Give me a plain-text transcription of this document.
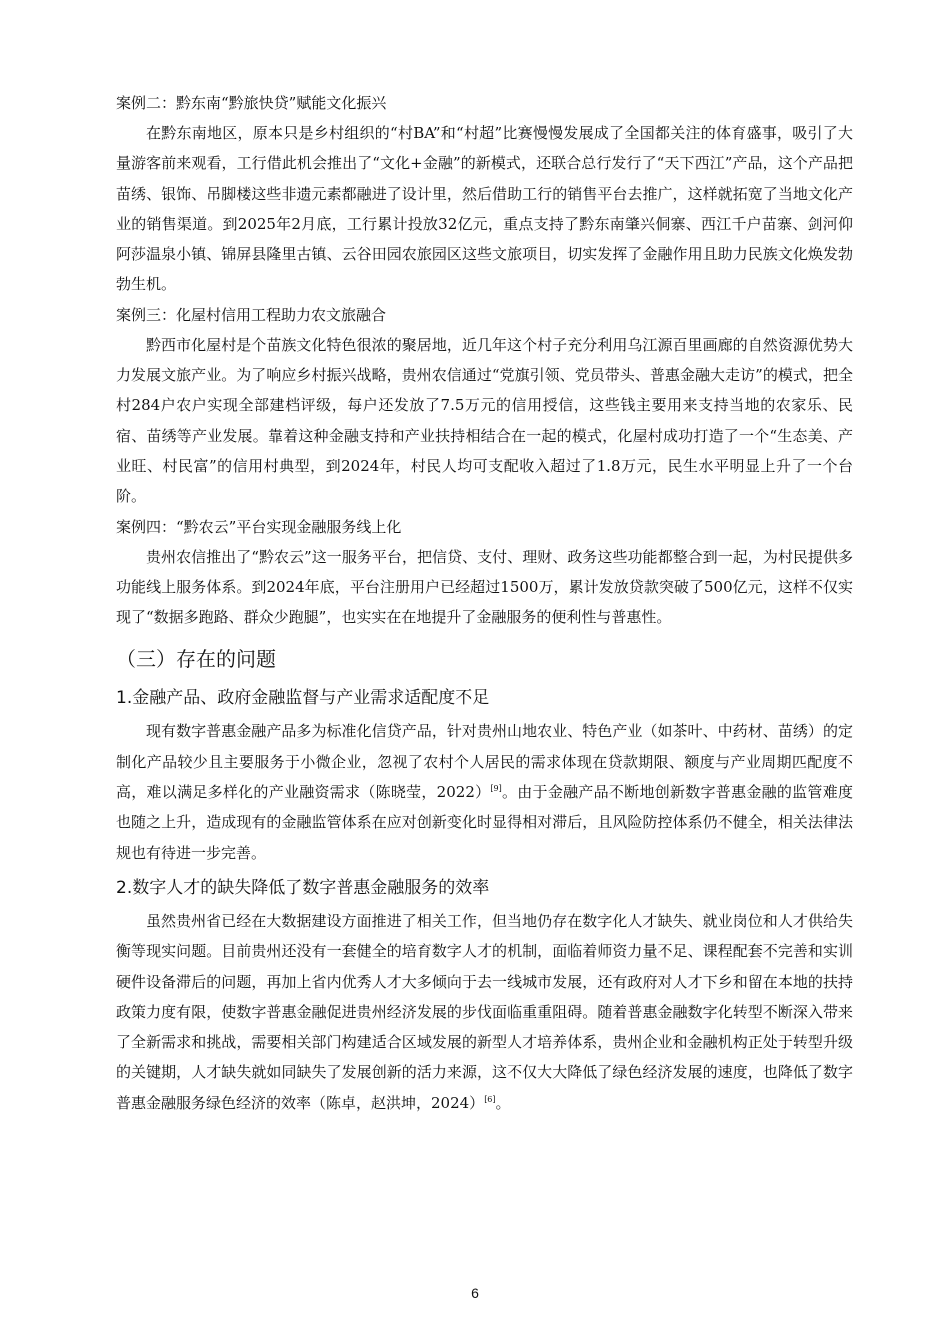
案例二：黔东南“黔旅快贷”赋能文化振兴

在黔东南地区，原本只是乡村组织的“村BA”和“村超”比赛慢慢发展成了全国都关注的体育盛事，吸引了大量游客前来观看，工行借此机会推出了“文化+金融”的新模式，还联合总行发行了“天下西江”产品，这个产品把苗绣、银饰、吊脚楼这些非遗元素都融进了设计里，然后借助工行的销售平台去推广，这样就拓宽了当地文化产业的销售渠道。到2025年2月底，工行累计投放32亿元，重点支持了黔东南肇兴侗寨、西江千户苗寨、剑河仰阿莎温泉小镇、锦屏县隆里古镇、云谷田园农旅园区这些文旅项目，切实发挥了金融作用且助力民族文化焕发勃勃生机。

案例三：化屋村信用工程助力农文旅融合

黔西市化屋村是个苗族文化特色很浓的聚居地，近几年这个村子充分利用乌江源百里画廊的自然资源优势大力发展文旅产业。为了响应乡村振兴战略，贵州农信通过“党旗引领、党员带头、普惠金融大走访”的模式，把全村284户农户实现全部建档评级，每户还发放了7.5万元的信用授信，这些钱主要用来支持当地的农家乐、民宿、苗绣等产业发展。靠着这种金融支持和产业扶持相结合在一起的模式，化屋村成功打造了一个“生态美、产业旺、村民富”的信用村典型，到2024年，村民人均可支配收入超过了1.8万元，民生水平明显上升了一个台阶。

案例四：“黔农云”平台实现金融服务线上化

贵州农信推出了“黔农云”这一服务平台，把信贷、支付、理财、政务这些功能都整合到一起，为村民提供多功能线上服务体系。到2024年底，平台注册用户已经超过1500万，累计发放贷款突破了500亿元，这样不仅实现了“数据多跑路、群众少跑腿”，也实实在在地提升了金融服务的便利性与普惠性。

（三）存在的问题
1.金融产品、政府金融监督与产业需求适配度不足

现有数字普惠金融产品多为标准化信贷产品，针对贵州山地农业、特色产业（如茶叶、中药材、苗绣）的定制化产品较少且主要服务于小微企业，忽视了农村个人居民的需求体现在贷款期限、额度与产业周期匹配度不高，难以满足多样化的产业融资需求（陈晓莹，2022）[9]。由于金融产品不断地创新数字普惠金融的监管难度也随之上升，造成现有的金融监管体系在应对创新变化时显得相对滞后，且风险防控体系仍不健全，相关法律法规也有待进一步完善。

2.数字人才的缺失降低了数字普惠金融服务的效率

虽然贵州省已经在大数据建设方面推进了相关工作，但当地仍存在数字化人才缺失、就业岗位和人才供给失衡等现实问题。目前贵州还没有一套健全的培育数字人才的机制，面临着师资力量不足、课程配套不完善和实训硬件设备滞后的问题，再加上省内优秀人才大多倾向于去一线城市发展，还有政府对人才下乡和留在本地的扶持政策力度有限，使数字普惠金融促进贵州经济发展的步伐面临重重阻碍。随着普惠金融数字化转型不断深入带来了全新需求和挑战，需要相关部门构建适合区域发展的新型人才培养体系，贵州企业和金融机构正处于转型升级的关键期，人才缺失就如同缺失了发展创新的活力来源，这不仅大大降低了绿色经济发展的速度，也降低了数字普惠金融服务绿色经济的效率（陈卓，赵洪坤，2024）[6]。

6
